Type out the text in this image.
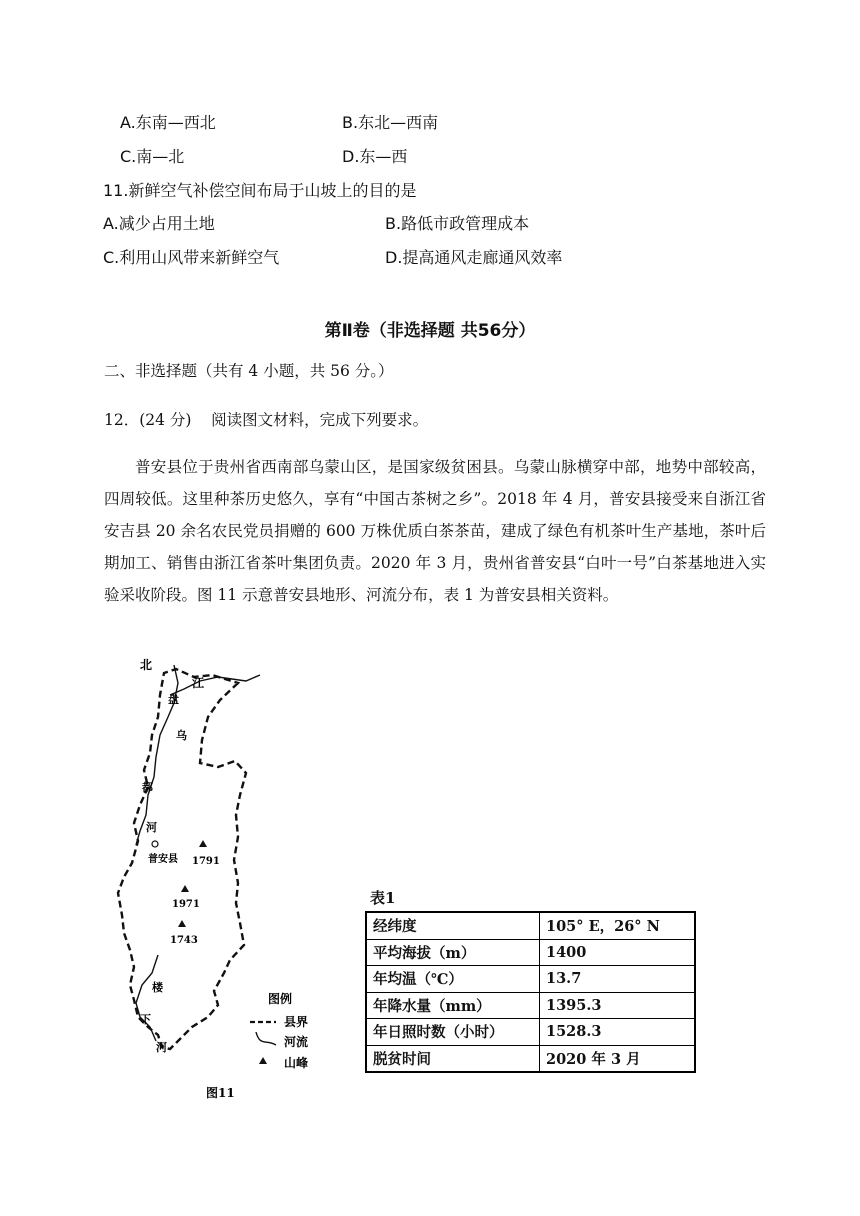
A.东南—西北	B.东北—西南
C.南—北	D.东—西
11.新鲜空气补偿空间布局于山坡上的目的是
A.减少占用土地	B.路低市政管理成本
C.利用山风带来新鲜空气	D.提高通风走廊通风效率
第Ⅱ卷（非选择题 共56分）
二、非选择题（共有 4 小题，共 56 分。）
12．(24 分)    阅读图文材料，完成下列要求。

普安县位于贵州省西南部乌蒙山区，是国家级贫困县。乌蒙山脉横穿中部，地势中部较高，四周较低。这里种茶历史悠久，享有“中国古茶树之乡”。2018 年 4 月，普安县接受来自浙江省安吉县 20 余名农民党员捐赠的 600 万株优质白茶茶苗，建成了绿色有机茶叶生产基地，茶叶后期加工、销售由浙江省茶叶集团负责。2020 年 3 月，贵州省普安县“白叶一号”白茶基地进入实验采收阶段。图 11 示意普安县地形、河流分布，表 1 为普安县相关资料。

北
江
盘
乌
都
河
楼
下
河
普安县 1791
1971
1743
图例
县界
河流
山峰
图11
表1
经纬度	105° E，26° N
平均海拔（m）	1400
年均温（℃）	13.7
年降水量（mm）	1395.3
年日照时数（小时）	1528.3
脱贫时间	2020 年 3 月
